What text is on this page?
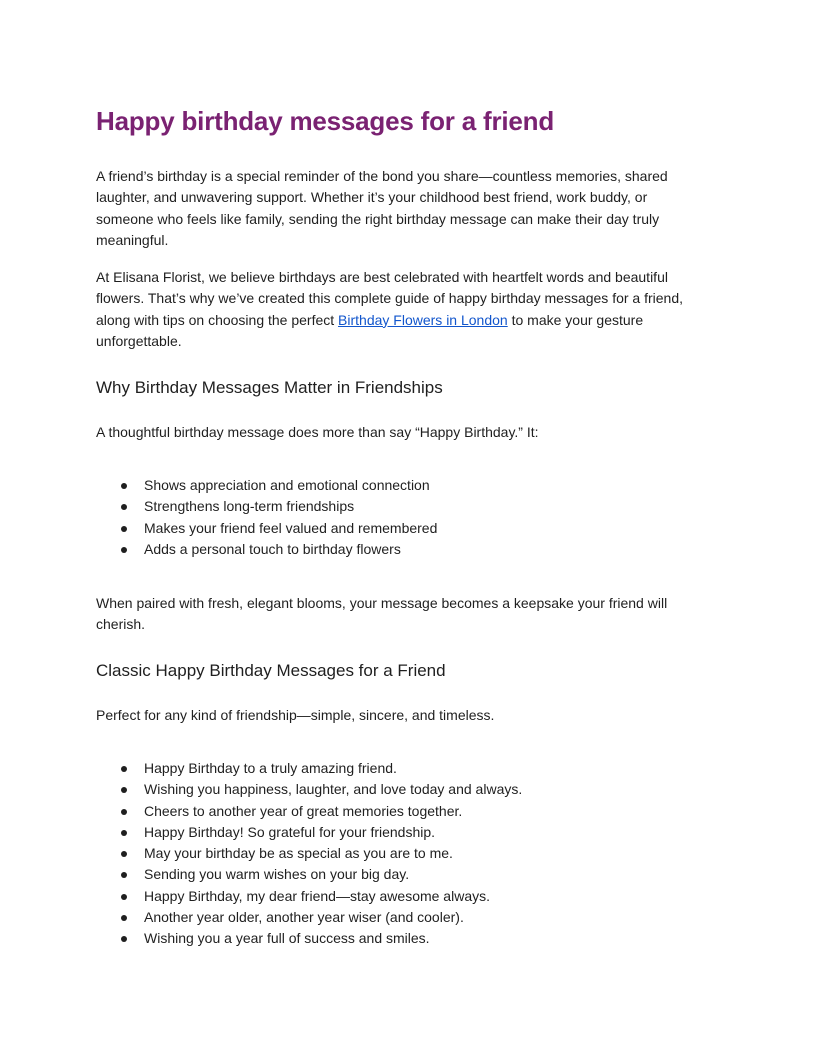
Happy birthday messages for a friend

A friend’s birthday is a special reminder of the bond you share—countless memories, shared laughter, and unwavering support. Whether it’s your childhood best friend, work buddy, or someone who feels like family, sending the right birthday message can make their day truly meaningful.

At Elisana Florist, we believe birthdays are best celebrated with heartfelt words and beautiful flowers. That’s why we’ve created this complete guide of happy birthday messages for a friend, along with tips on choosing the perfect Birthday Flowers in London to make your gesture unforgettable.

Why Birthday Messages Matter in Friendships

A thoughtful birthday message does more than say “Happy Birthday.” It:

Shows appreciation and emotional connection
Strengthens long-term friendships
Makes your friend feel valued and remembered
Adds a personal touch to birthday flowers

When paired with fresh, elegant blooms, your message becomes a keepsake your friend will cherish.

Classic Happy Birthday Messages for a Friend

Perfect for any kind of friendship—simple, sincere, and timeless.

Happy Birthday to a truly amazing friend.
Wishing you happiness, laughter, and love today and always.
Cheers to another year of great memories together.
Happy Birthday! So grateful for your friendship.
May your birthday be as special as you are to me.
Sending you warm wishes on your big day.
Happy Birthday, my dear friend—stay awesome always.
Another year older, another year wiser (and cooler).
Wishing you a year full of success and smiles.
